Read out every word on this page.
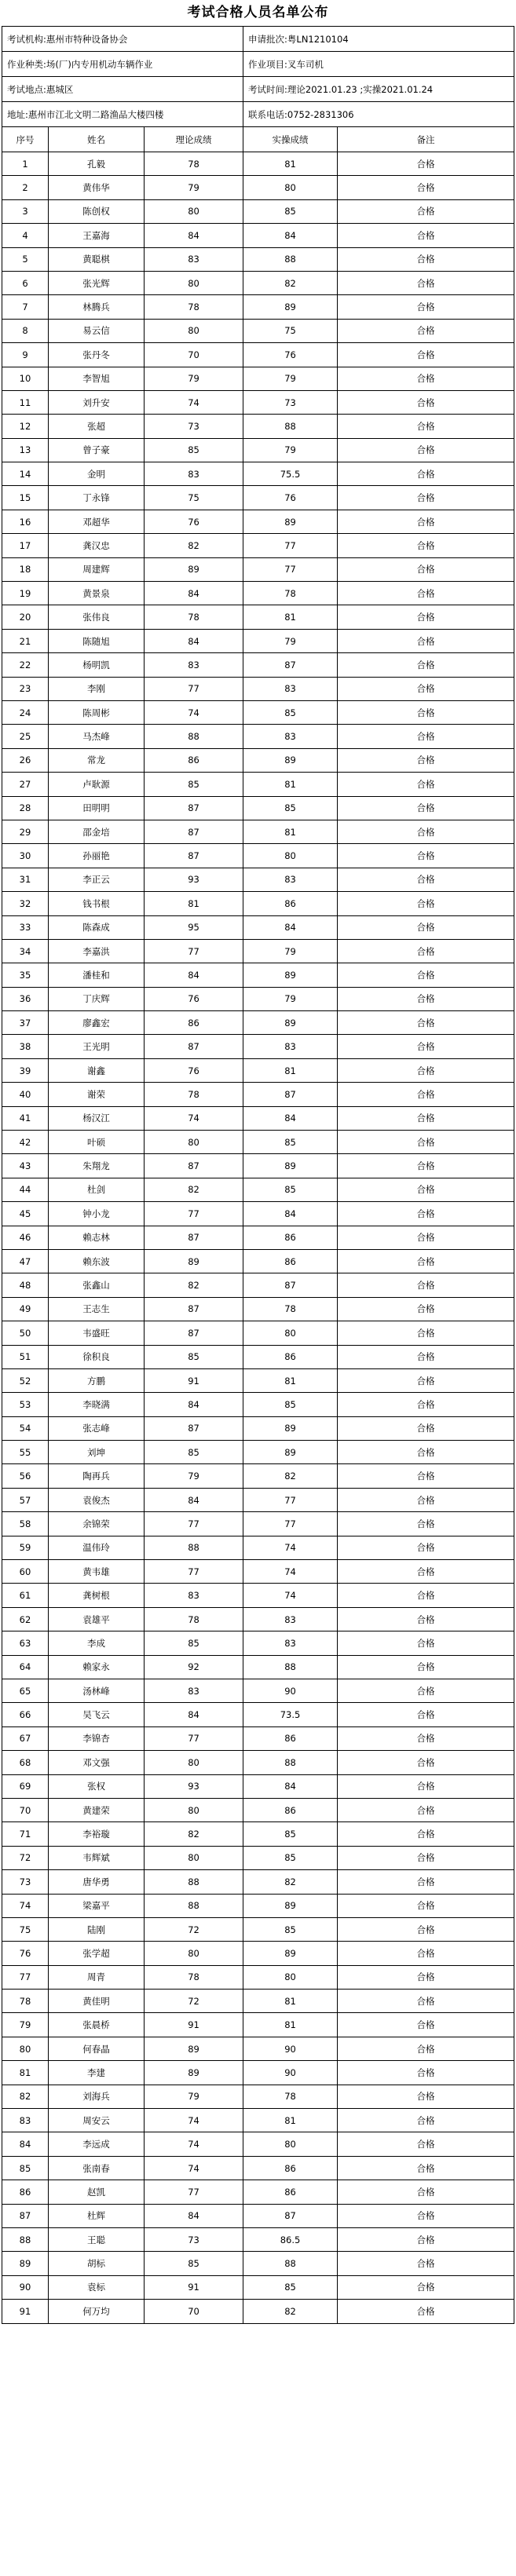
考试合格人员名单公布
考试机构:惠州市特种设备协会			申请批次:粤LN1210104	
作业种类:场(厂)内专用机动车辆作业			作业项目:叉车司机	
考试地点:惠城区			考试时间:理论2021.01.23 ;实操2021.01.24	
地址:惠州市江北文明二路渔品大楼四楼			联系电话:0752-2831306	
序号	姓名	理论成绩	实操成绩	备注
1	孔毅	78	81	合格
2	黄伟华	79	80	合格
3	陈创权	80	85	合格
4	王嘉海	84	84	合格
5	黄聪棋	83	88	合格
6	张光辉	80	82	合格
7	林腾兵	78	89	合格
8	易云信	80	75	合格
9	张丹冬	70	76	合格
10	李智旭	79	79	合格
11	刘升安	74	73	合格
12	张超	73	88	合格
13	曾子豪	85	79	合格
14	金明	83	75.5	合格
15	丁永锋	75	76	合格
16	邓超华	76	89	合格
17	龚汉忠	82	77	合格
18	周建辉	89	77	合格
19	黄景泉	84	78	合格
20	张伟良	78	81	合格
21	陈随旭	84	79	合格
22	杨明凯	83	87	合格
23	李刚	77	83	合格
24	陈周彬	74	85	合格
25	马杰峰	88	83	合格
26	常龙	86	89	合格
27	卢耿源	85	81	合格
28	田明明	87	85	合格
29	邵金培	87	81	合格
30	孙丽艳	87	80	合格
31	李正云	93	83	合格
32	钱书根	81	86	合格
33	陈森成	95	84	合格
34	李嘉洪	77	79	合格
35	潘桂和	84	89	合格
36	丁庆辉	76	79	合格
37	廖鑫宏	86	89	合格
38	王光明	87	83	合格
39	谢鑫	76	81	合格
40	谢荣	78	87	合格
41	杨汉江	74	84	合格
42	叶硕	80	85	合格
43	朱翔龙	87	89	合格
44	杜剑	82	85	合格
45	钟小龙	77	84	合格
46	赖志林	87	86	合格
47	赖东波	89	86	合格
48	张鑫山	82	87	合格
49	王志生	87	78	合格
50	韦盛旺	87	80	合格
51	徐积良	85	86	合格
52	方鹏	91	81	合格
53	李晓满	84	85	合格
54	张志峰	87	89	合格
55	刘坤	85	89	合格
56	陶再兵	79	82	合格
57	袁俊杰	84	77	合格
58	余锦荣	77	77	合格
59	温伟玲	88	74	合格
60	黄韦雄	77	74	合格
61	龚树根	83	74	合格
62	袁雄平	78	83	合格
63	李成	85	83	合格
64	赖家永	92	88	合格
65	汤林峰	83	90	合格
66	吴飞云	84	73.5	合格
67	李锦杏	77	86	合格
68	邓文强	80	88	合格
69	张权	93	84	合格
70	黄建荣	80	86	合格
71	李裕璇	82	85	合格
72	韦辉斌	80	85	合格
73	唐华勇	88	82	合格
74	梁嘉平	88	89	合格
75	陆刚	72	85	合格
76	张学超	80	89	合格
77	周青	78	80	合格
78	黄佳明	72	81	合格
79	张晨桥	91	81	合格
80	何春晶	89	90	合格
81	李建	89	90	合格
82	刘海兵	79	78	合格
83	周安云	74	81	合格
84	李远成	74	80	合格
85	张南春	74	86	合格
86	赵凯	77	86	合格
87	杜辉	84	87	合格
88	王聪	73	86.5	合格
89	胡标	85	88	合格
90	袁标	91	85	合格
91	何万均	70	82	合格
